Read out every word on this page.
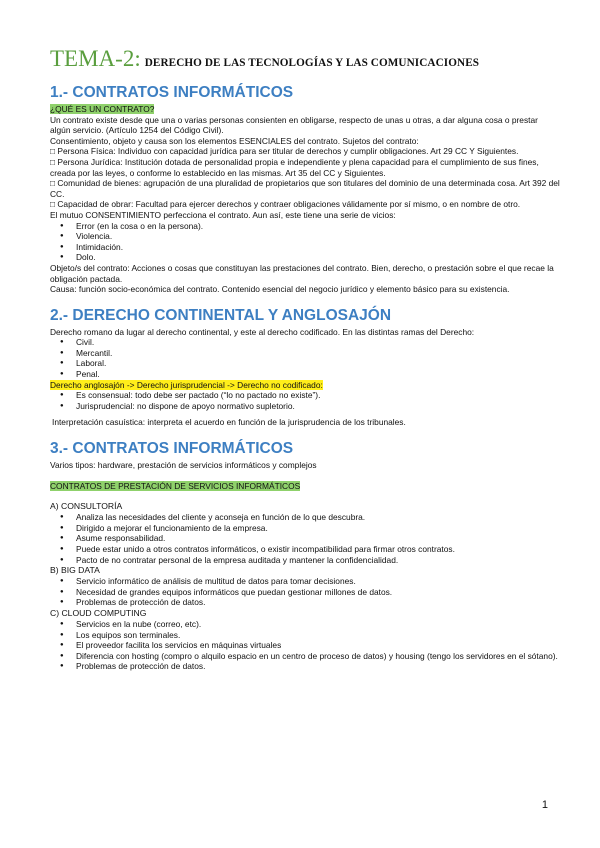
TEMA-2: DERECHO DE LAS TECNOLOGÍAS Y LAS COMUNICACIONES
1.- CONTRATOS INFORMÁTICOS

¿QUÉ ES UN CONTRATO?

Un contrato existe desde que una o varias personas consienten en obligarse, respecto de unas u otras, a dar alguna cosa o prestar algún servicio. (Artículo 1254 del Código Civil).

Consentimiento, objeto y causa son los elementos ESENCIALES del contrato. Sujetos del contrato:

□ Persona Física: Individuo con capacidad jurídica para ser titular de derechos y cumplir obligaciones. Art 29 CC Y Siguientes.

□ Persona Jurídica: Institución dotada de personalidad propia e independiente y plena capacidad para el cumplimiento de sus fines, creada por las leyes, o conforme lo establecido en las mismas. Art 35 del CC y Siguientes.

□ Comunidad de bienes: agrupación de una pluralidad de propietarios que son titulares del dominio de una determinada cosa. Art 392 del CC.

□ Capacidad de obrar: Facultad para ejercer derechos y contraer obligaciones válidamente por sí mismo, o en nombre de otro.

El mutuo CONSENTIMIENTO perfecciona el contrato. Aun así, este tiene una serie de vicios:

● Error (en la cosa o en la persona).
● Violencia.
● Intimidación.
● Dolo.

Objeto/s del contrato: Acciones o cosas que constituyan las prestaciones del contrato. Bien, derecho, o prestación sobre el que recae la obligación pactada.

Causa: función socio-económica del contrato. Contenido esencial del negocio jurídico y elemento básico para su existencia.

2.- DERECHO CONTINENTAL Y ANGLOSAJÓN

Derecho romano da lugar al derecho continental, y este al derecho codificado. En las distintas ramas del Derecho:

● Civil.
● Mercantil.
● Laboral.
● Penal.

Derecho anglosajón -> Derecho jurisprudencial -> Derecho no codificado:

● Es consensual: todo debe ser pactado (“lo no pactado no existe”).
● Jurisprudencial: no dispone de apoyo normativo supletorio.

Interpretación casuística: interpreta el acuerdo en función de la jurisprudencia de los tribunales.

3.- CONTRATOS INFORMÁTICOS

Varios tipos: hardware, prestación de servicios informáticos y complejos

CONTRATOS DE PRESTACIÓN DE SERVICIOS INFORMÁTICOS

A) CONSULTORÍA

● Analiza las necesidades del cliente y aconseja en función de lo que descubra.
● Dirigido a mejorar el funcionamiento de la empresa.
● Asume responsabilidad.
● Puede estar unido a otros contratos informáticos, o existir incompatibilidad para firmar otros contratos.
● Pacto de no contratar personal de la empresa auditada y mantener la confidencialidad.

B) BIG DATA

● Servicio informático de análisis de multitud de datos para tomar decisiones.
● Necesidad de grandes equipos informáticos que puedan gestionar millones de datos.
● Problemas de protección de datos.

C) CLOUD COMPUTING

● Servicios en la nube (correo, etc).
● Los equipos son terminales.
● El proveedor facilita los servicios en máquinas virtuales
● Diferencia con hosting (compro o alquilo espacio en un centro de proceso de datos) y housing (tengo los servidores en el sótano).
● Problemas de protección de datos.
1
